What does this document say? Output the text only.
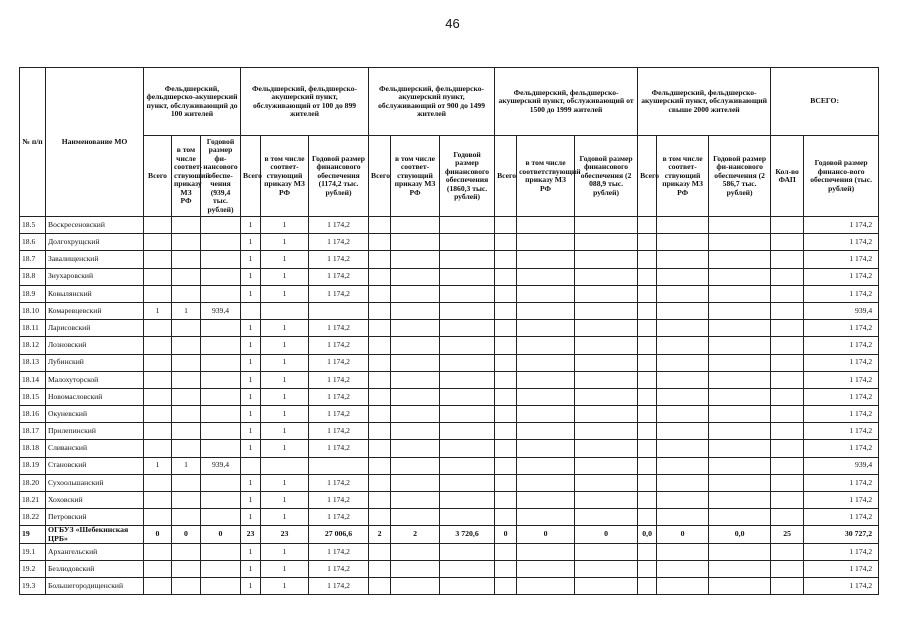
46
№ п/п	Наименование МО	Фельдшерский, фельдшерско-акушерский пункт, обслуживающий до 100 жителей			Фельдшерский, фельдшерско-акушерский пункт, обслуживающий от 100 до 899 жителей			Фельдшерский, фельдшерско-акушерский пункт, обслуживающий от 900 до 1499 жителей			Фельдшерский, фельдшерско-акушерский пункт, обслуживающий от 1500 до 1999 жителей			Фельдшерский, фельдшерско-акушерский пункт, обслуживающий свыше 2000 жителей			ВСЕГО:	
		Всего	в том числе соответ-ствующий приказу МЗ РФ	Годовой размер фи-нансового обеспе-чения (939,4 тыс. рублей)	Всего	в том числе соответ-ствующий приказу МЗ РФ	Годовой размер финансового обеспечения (1174,2 тыс. рублей)	Всего	в том числе соответ-ствующий приказу МЗ РФ	Годовой размер финансового обеспечения (1860,3 тыс. рублей)	Всего	в том числе соответствующий приказу МЗ РФ	Годовой размер финансового обеспечения (2 088,9 тыс. рублей)	Всего	в том числе соответ-ствующий приказу МЗ РФ	Годовой размер фи-нансового обеспечения (2 586,7 тыс. рублей)	Кол-во ФАП	Годовой размер финансо-вого обеспечения (тыс. рублей)
18.5	Воскресеновский				1	1	1 174,2											1 174,2
18.6	Долгохрущский				1	1	1 174,2											1 174,2
18.7	Завалищенский				1	1	1 174,2											1 174,2
18.8	Зиухаровский				1	1	1 174,2											1 174,2
18.9	Ковылянский				1	1	1 174,2											1 174,2
18.10	Комаревцевский	1	1	939,4														939,4
18.11	Ларисовский				1	1	1 174,2											1 174,2
18.12	Лозновский				1	1	1 174,2											1 174,2
18.13	Лубинский				1	1	1 174,2											1 174,2
18.14	Малохуторской				1	1	1 174,2											1 174,2
18.15	Новомасловский				1	1	1 174,2											1 174,2
18.16	Окуневский				1	1	1 174,2											1 174,2
18.17	Прилепинский				1	1	1 174,2											1 174,2
18.18	Сливанский				1	1	1 174,2											1 174,2
18.19	Становский	1	1	939,4														939,4
18.20	Сухоольшанский				1	1	1 174,2											1 174,2
18.21	Хоховский				1	1	1 174,2											1 174,2
18.22	Петровский				1	1	1 174,2											1 174,2
19	ОГБУЗ «Шебекинская ЦРБ»	0	0	0	23	23	27 006,6	2	2	3 720,6	0	0	0	0,0	0	0,0	25	30 727,2
19.1	Архангельский				1	1	1 174,2											1 174,2
19.2	Безлюдовский				1	1	1 174,2											1 174,2
19.3	Большегородищенский				1	1	1 174,2											1 174,2
